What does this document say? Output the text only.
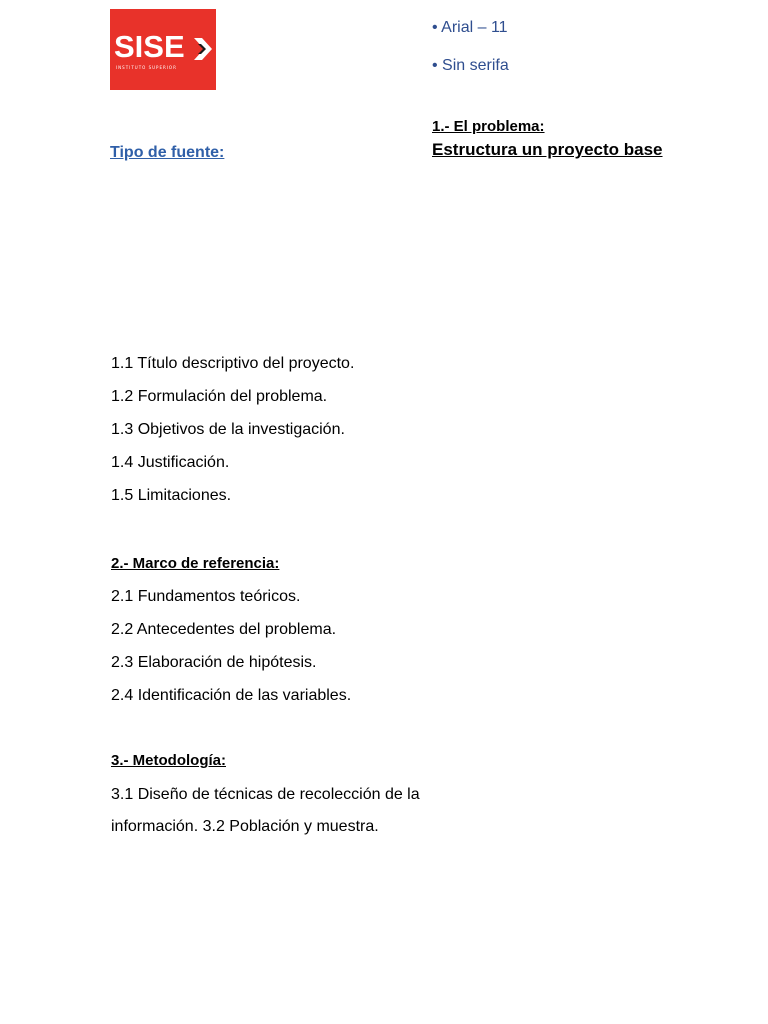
SISE
INSTITUTO SUPERIOR
• Arial – 11
• Sin serifa
Tipo de fuente:
1.- El problema:
Estructura un proyecto base
1.1 Título descriptivo del proyecto.
1.2 Formulación del problema.
1.3 Objetivos de la investigación.
1.4 Justificación.
1.5 Limitaciones.
2.- Marco de referencia:
2.1 Fundamentos teóricos.
2.2 Antecedentes del problema.
2.3 Elaboración de hipótesis.
2.4 Identificación de las variables.
3.- Metodología:
3.1 Diseño de técnicas de recolección de la
información. 3.2 Población y muestra.
